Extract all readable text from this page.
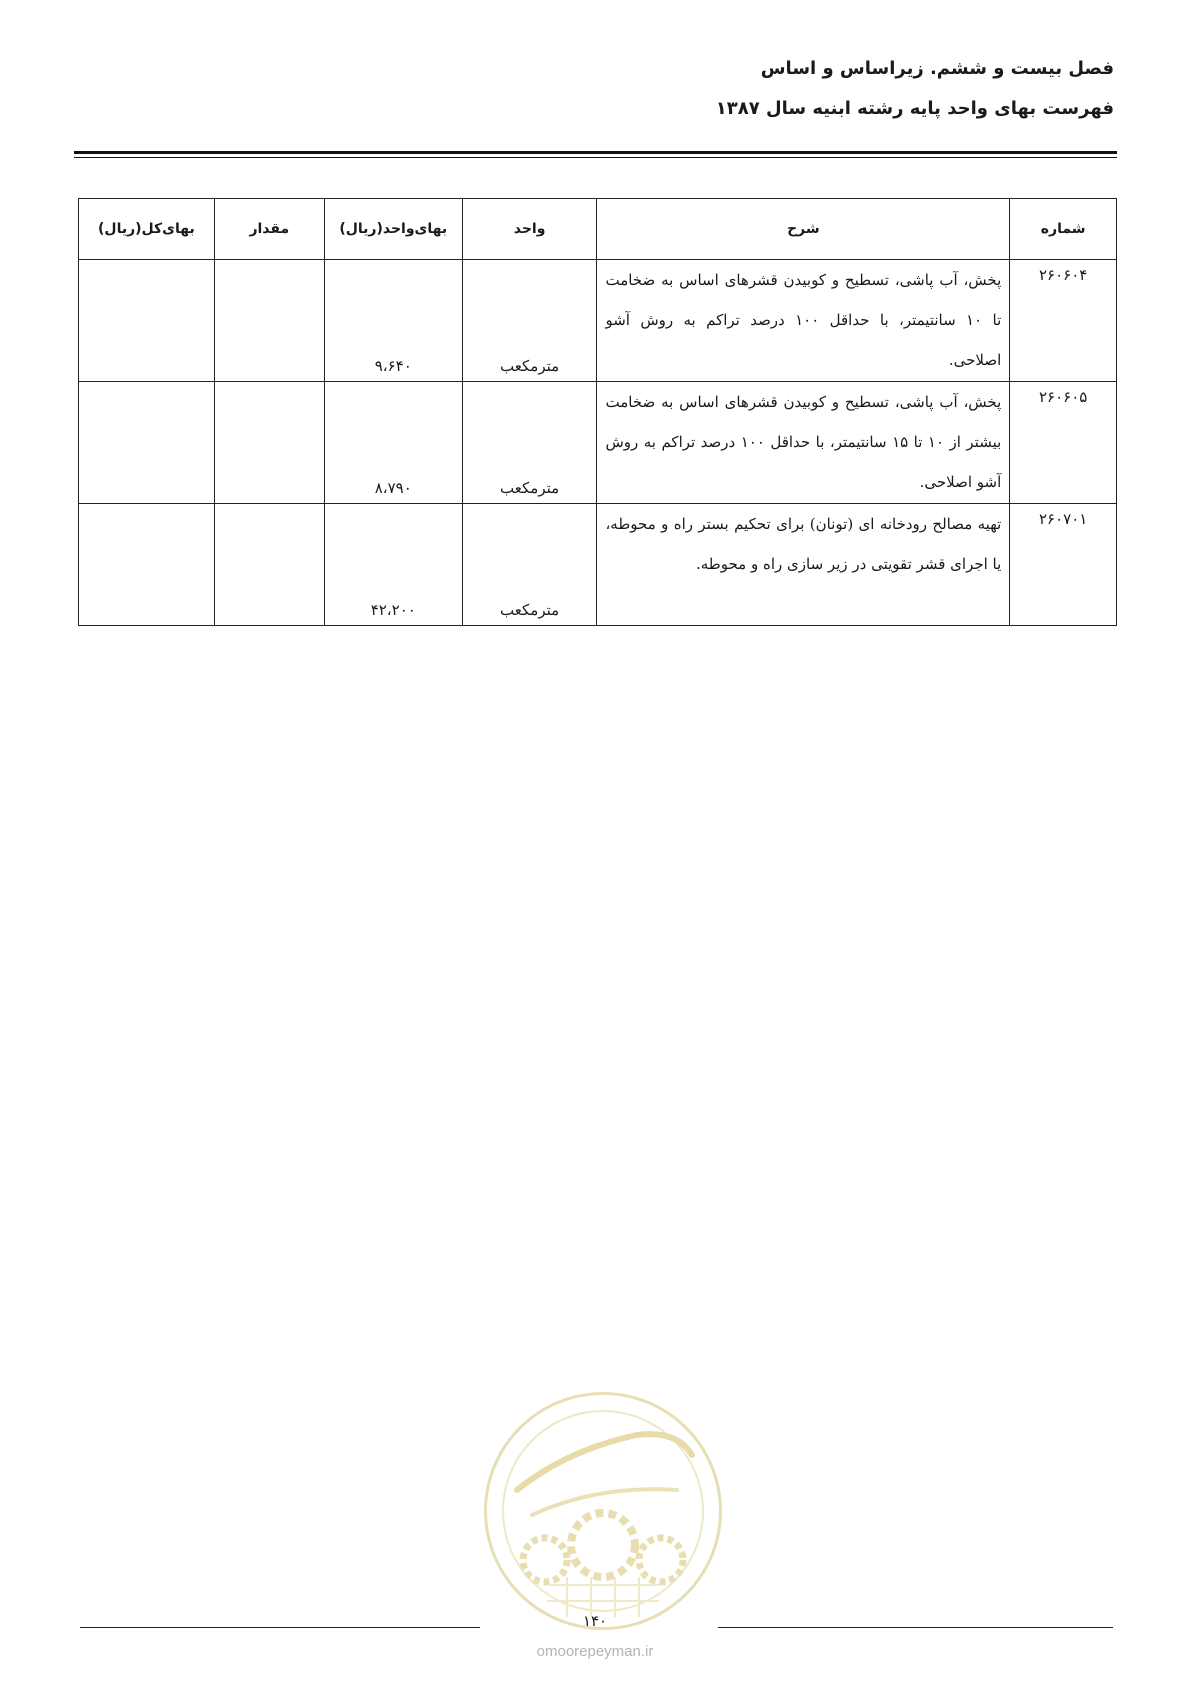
فصل بیست و ششم. زیراساس و اساس

فهرست بهای واحد پایه رشته ابنیه سال ۱۳۸۷

شماره	شرح	واحد	بهای‌واحد(ریال)	مقدار	بهای‌کل(ریال)
۲۶۰۶۰۴	پخش، آب پاشی، تسطیح و کوبیدن قشرهای اساس به ضخامت تا ۱۰ سانتیمتر، با حداقل ۱۰۰ درصد تراکم به روش آشو اصلاحی.	مترمکعب	۹،۶۴۰		
۲۶۰۶۰۵	پخش، آب پاشی، تسطیح و کوبیدن قشرهای اساس به ضخامت بیشتر از ۱۰ تا ۱۵ سانتیمتر، با حداقل ۱۰۰ درصد تراکم به روش آشو اصلاحی.	مترمکعب	۸،۷۹۰		
۲۶۰۷۰۱	تهیه مصالح رودخانه ای (تونان) برای تحکیم بستر راه و محوطه، یا اجرای قشر تقویتی در زیر سازی راه و محوطه.	مترمکعب	۴۲،۲۰۰		
۱۴۰
omoorepeyman.ir
